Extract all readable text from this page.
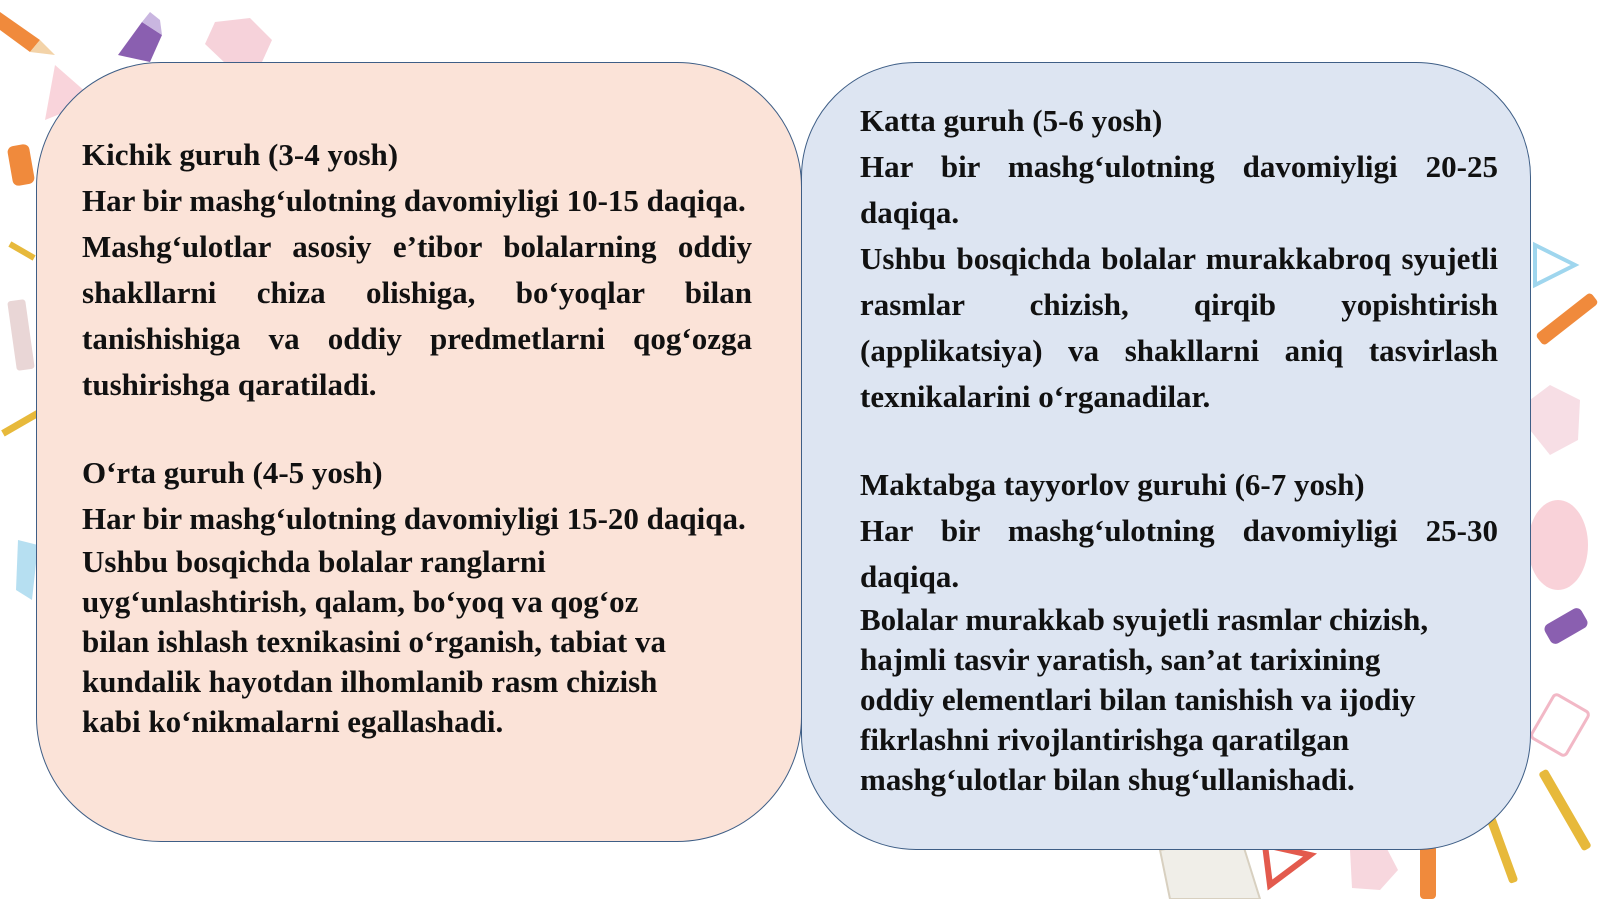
Kichik guruh (3-4 yosh)

Har bir mashg‘ulotning davomiyligi 10-15 daqiqa.

Mashg‘ulotlar asosiy e’tibor bolalarning oddiy shakllarni chiza olishiga, bo‘yoqlar bilan tanishishiga va oddiy predmetlarni qog‘ozga tushirishga qaratiladi.

O‘rta guruh (4-5 yosh)

Har bir mashg‘ulotning davomiyligi 15-20 daqiqa.

Ushbu bosqichda bolalar ranglarni

uyg‘unlashtirish, qalam, bo‘yoq va qog‘oz

bilan ishlash texnikasini o‘rganish, tabiat va

kundalik hayotdan ilhomlanib rasm chizish

kabi ko‘nikmalarni egallashadi.

Katta guruh (5-6 yosh)

Har bir mashg‘ulotning davomiyligi 20-25 daqiqa.

Ushbu bosqichda bolalar murakkabroq syujetli rasmlar chizish, qirqib yopishtirish (applikatsiya) va shakllarni aniq tasvirlash texnikalarini o‘rganadilar.

Maktabga tayyorlov guruhi (6-7 yosh)

Har bir mashg‘ulotning davomiyligi 25-30 daqiqa.

Bolalar murakkab syujetli rasmlar chizish,

hajmli tasvir yaratish, san’at tarixining

oddiy elementlari bilan tanishish va ijodiy

fikrlashni rivojlantirishga qaratilgan

mashg‘ulotlar bilan shug‘ullanishadi.
